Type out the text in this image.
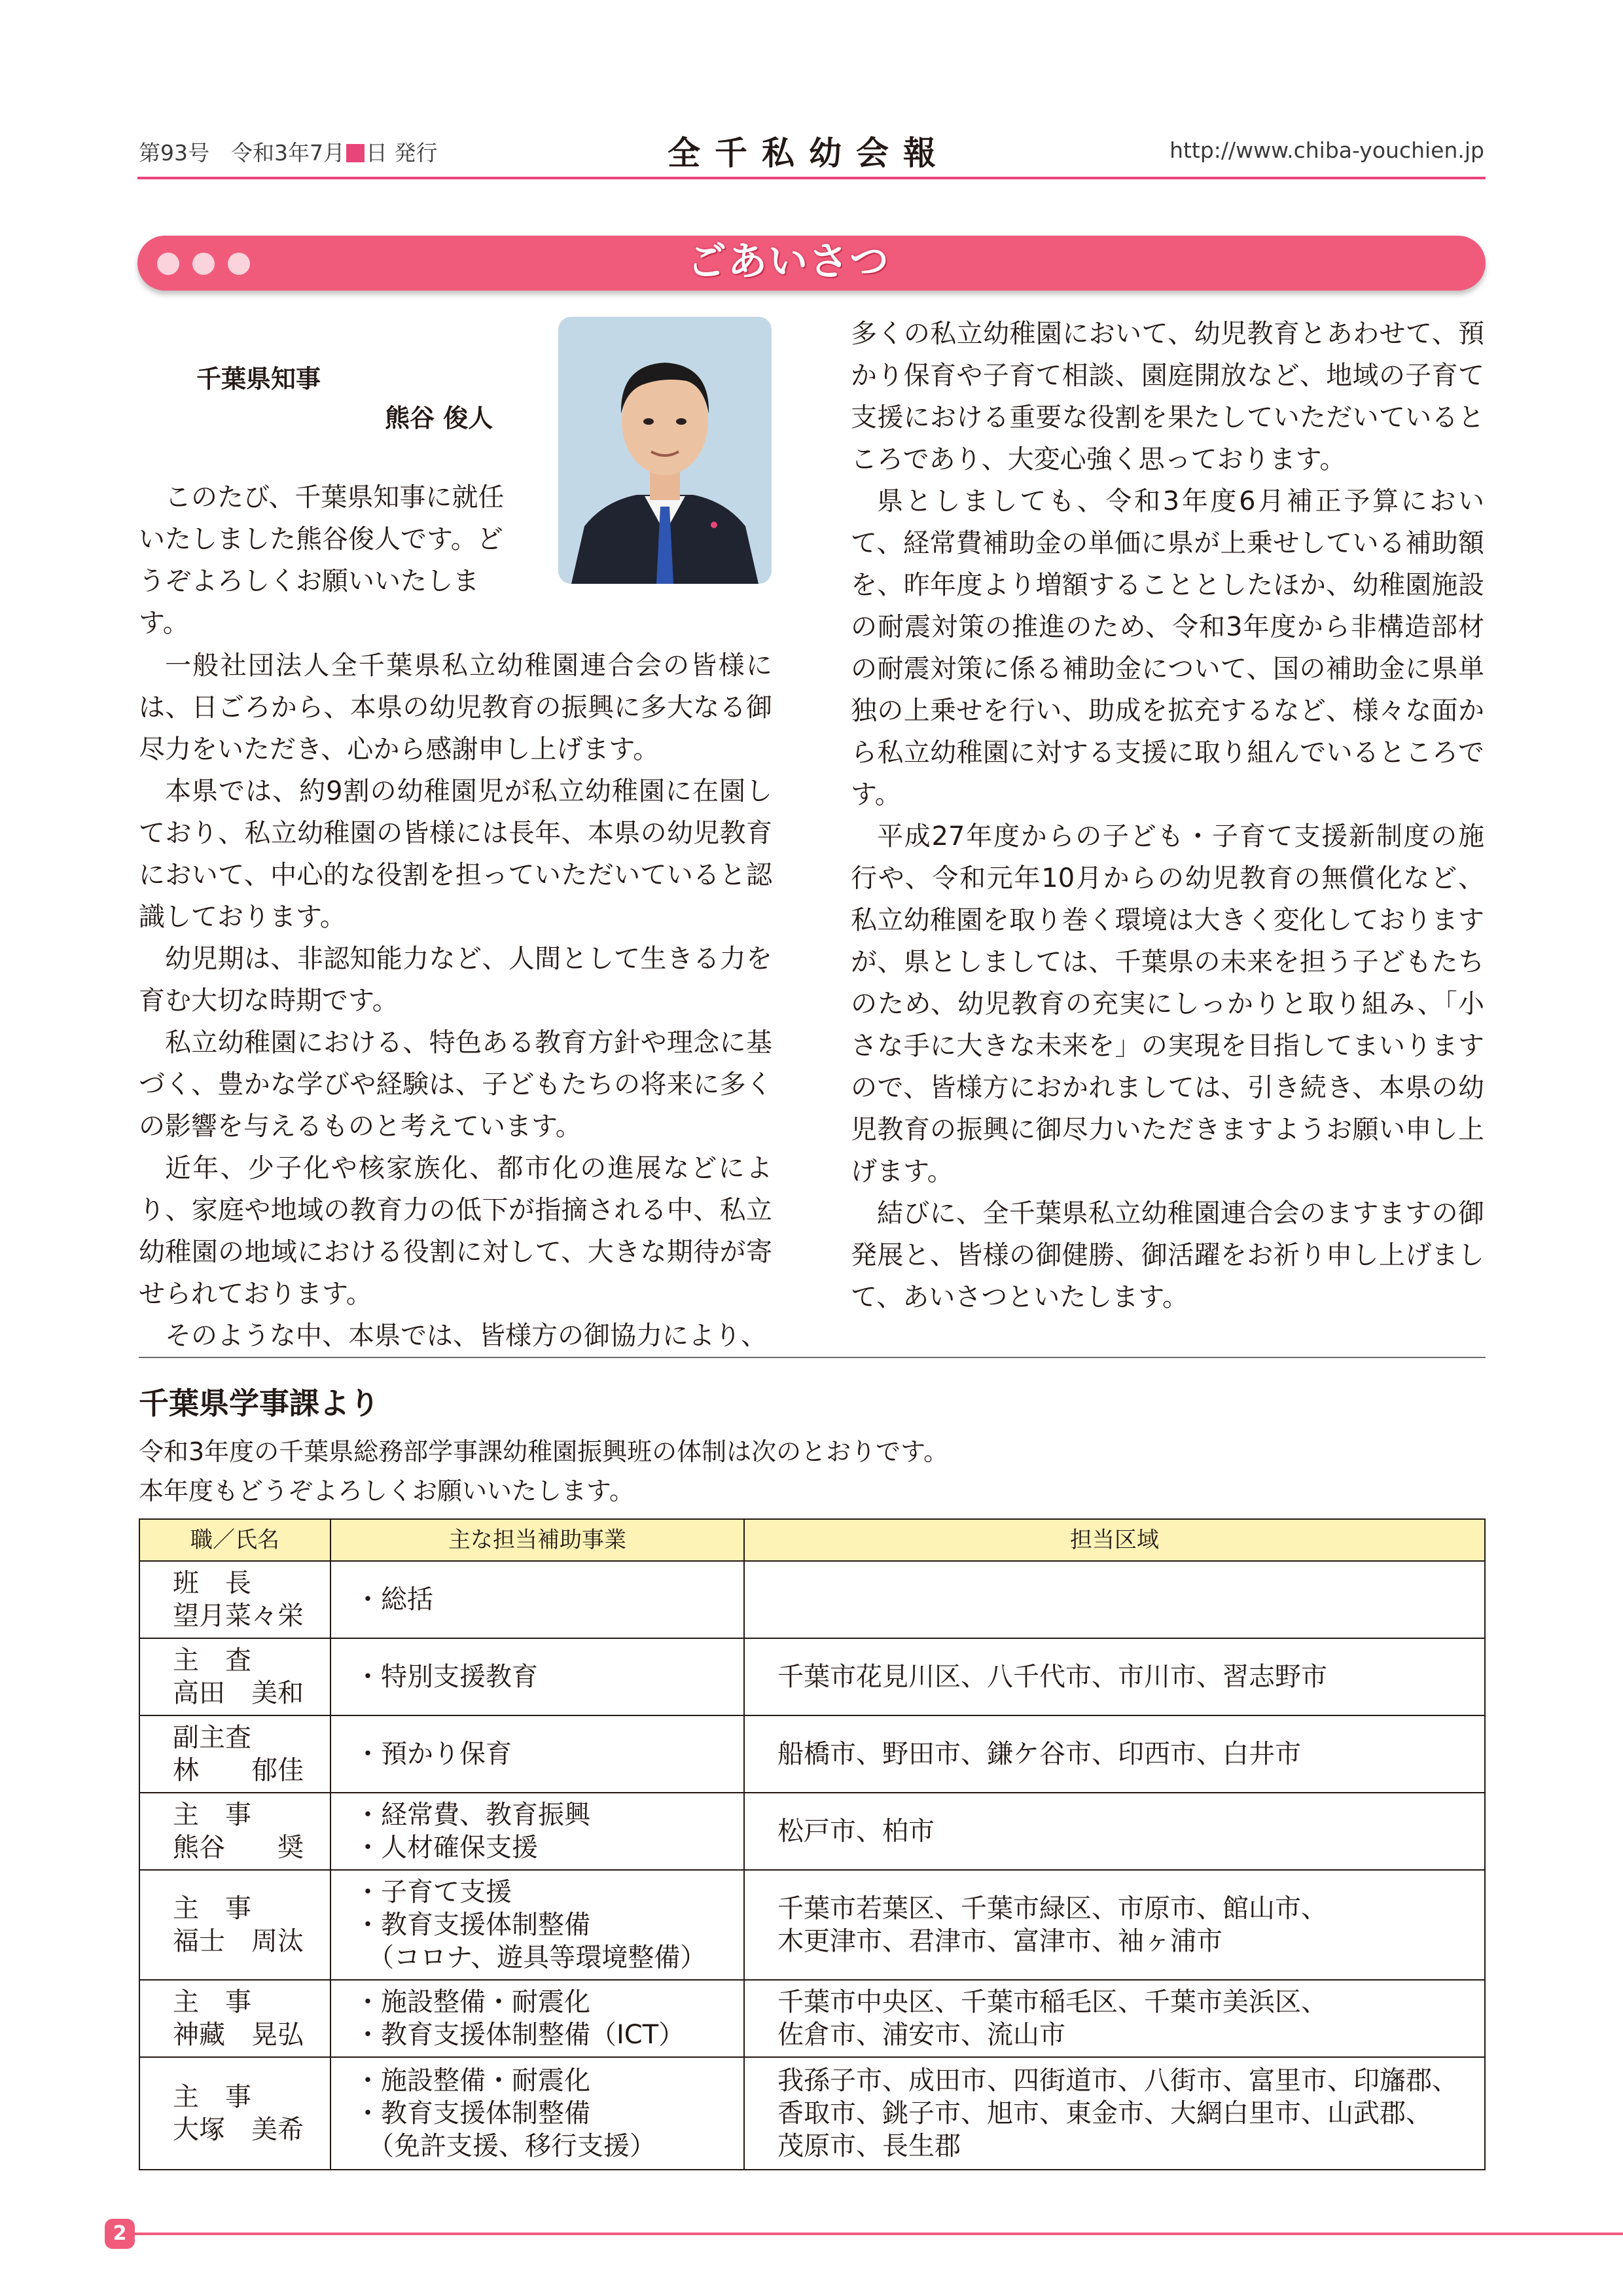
第93号　令和3年7月 日 発行	全千私幼会報	http://www.chiba-youchien.jp
ごあいさつ
千葉県知事
熊谷 俊人
このたび、千葉県知事に就任
いたしました熊谷俊人です。ど
うぞよろしくお願いいたしま
す。

一般社団法人全千葉県私立幼稚園連合会の皆様には、日ごろから、本県の幼児教育の振興に多大なる御尽力をいただき、心から感謝申し上げます。

本県では、約9割の幼稚園児が私立幼稚園に在園しており、私立幼稚園の皆様には長年、本県の幼児教育において、中心的な役割を担っていただいていると認識しております。

幼児期は、非認知能力など、人間として生きる力を育む大切な時期です。

私立幼稚園における、特色ある教育方針や理念に基づく、豊かな学びや経験は、子どもたちの将来に多くの影響を与えるものと考えています。

近年、少子化や核家族化、都市化の進展などにより、家庭や地域の教育力の低下が指摘される中、私立幼稚園の地域における役割に対して、大きな期待が寄せられております。

そのような中、本県では、皆様方の御協力により、

多くの私立幼稚園において、幼児教育とあわせて、預かり保育や子育て相談、園庭開放など、地域の子育て支援における重要な役割を果たしていただいているところであり、大変心強く思っております。

県としましても、令和3年度6月補正予算において、経常費補助金の単価に県が上乗せしている補助額を、昨年度より増額することとしたほか、幼稚園施設の耐震対策の推進のため、令和3年度から非構造部材の耐震対策に係る補助金について、国の補助金に県単独の上乗せを行い、助成を拡充するなど、様々な面から私立幼稚園に対する支援に取り組んでいるところです。

平成27年度からの子ども・子育て支援新制度の施行や、令和元年10月からの幼児教育の無償化など、私立幼稚園を取り巻く環境は大きく変化しておりますが、県としましては、千葉県の未来を担う子どもたちのため、幼児教育の充実にしっかりと取り組み、「小さな手に大きな未来を」の実現を目指してまいりますので、皆様方におかれましては、引き続き、本県の幼児教育の振興に御尽力いただきますようお願い申し上げます。

結びに、全千葉県私立幼稚園連合会のますますの御発展と、皆様の御健勝、御活躍をお祈り申し上げまして、あいさつといたします。

千葉県学事課より
令和3年度の千葉県総務部学事課幼稚園振興班の体制は次のとおりです。
本年度もどうぞよろしくお願いいたします。
職／氏名	主な担当補助事業	担当区域

班　長
望月菜々栄	・総括	

主　査
高田　美和	・特別支援教育	千葉市花見川区、八千代市、市川市、習志野市

副主査
林　　郁佳	・預かり保育	船橋市、野田市、鎌ケ谷市、印西市、白井市

主　事
熊谷　　奨	・経常費、教育振興
・人材確保支援	松戸市、柏市

主　事
福士　周汰	・子育て支援
・教育支援体制整備
　（コロナ、遊具等環境整備）	千葉市若葉区、千葉市緑区、市原市、館山市、
木更津市、君津市、富津市、袖ヶ浦市

主　事
神藏　晃弘	・施設整備・耐震化
・教育支援体制整備（ICT）	千葉市中央区、千葉市稲毛区、千葉市美浜区、
佐倉市、浦安市、流山市

主　事
大塚　美希	・施設整備・耐震化
・教育支援体制整備
　（免許支援、移行支援）	我孫子市、成田市、四街道市、八街市、富里市、印旛郡、
香取市、銚子市、旭市、東金市、大網白里市、山武郡、
茂原市、長生郡
2
